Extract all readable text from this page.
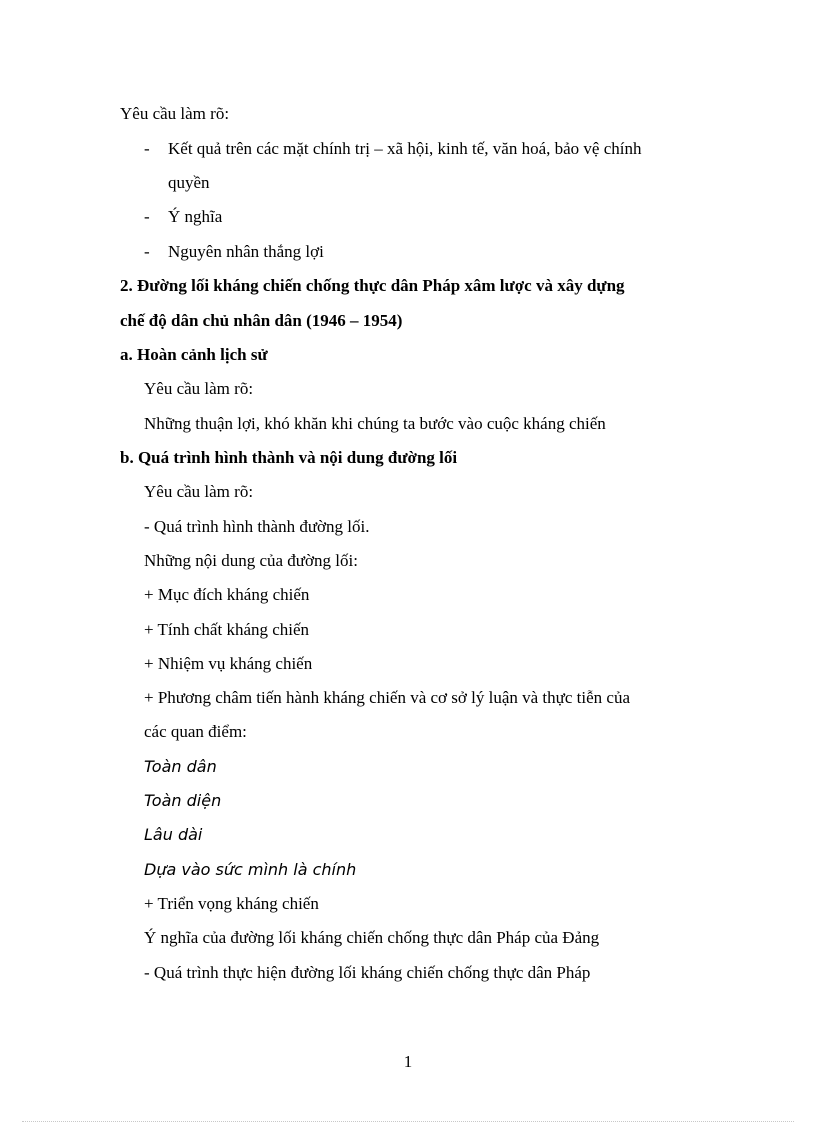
Yêu cầu làm rõ:
- Kết quả trên các mặt chính trị – xã hội, kinh tế, văn hoá, bảo vệ chính
quyền
- Ý nghĩa
- Nguyên nhân thắng lợi
2. Đường lối kháng chiến chống thực dân Pháp xâm lược và xây dựng
chế độ dân chủ nhân dân (1946 – 1954)
a. Hoàn cảnh lịch sử
Yêu cầu làm rõ:
Những thuận lợi, khó khăn khi chúng ta bước vào cuộc kháng chiến
b. Quá trình hình thành và nội dung đường lối
Yêu cầu làm rõ:
- Quá trình hình thành đường lối.
Những nội dung của đường lối:
+ Mục đích kháng chiến
+ Tính chất kháng chiến
+ Nhiệm vụ kháng chiến
+ Phương châm tiến hành kháng chiến và cơ sở lý luận và thực tiễn của
các quan điểm:
Toàn dân
Toàn diện
Lâu dài
Dựa vào sức mình là chính
+ Triển vọng kháng chiến
Ý nghĩa của đường lối kháng chiến chống thực dân Pháp của Đảng
- Quá trình thực hiện đường lối kháng chiến chống thực dân Pháp
1
